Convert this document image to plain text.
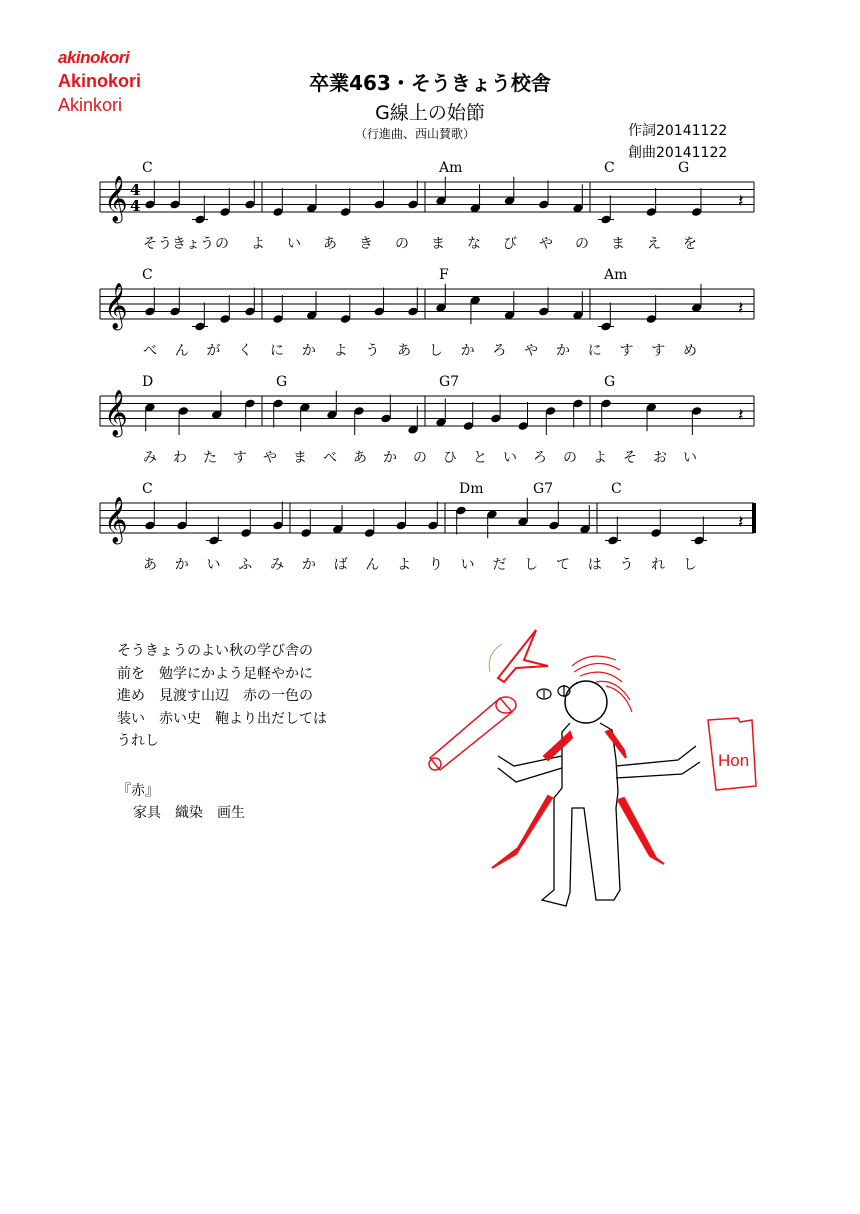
akinokori
Akinokori
Akinkori
卒業463・そうきょう校舎
G線上の始節
（行進曲、西山賛歌）	作詞20141122
創曲20141122
𝄞 4
4	𝄽
C	Am	C	G
そ うきょう の よ い あ き の ま な び や の ま え を
𝄞	𝄽
C	F	Am
べ ん が く に か よ う あ し か ろ や か に す す め
𝄞	𝄽
D	G	G7	G
み わ た す や ま べ あ か の ひ と い ろ の よ そ お い
𝄞	𝄽
C	Dm	G7	C
あ か い ふ み か ば ん よ り い だ し て は う れ し
そうきょうのよい秋の学び舎の
前を　勉学にかよう足軽やかに
進め　見渡す山辺　赤の一色の
装い　赤い史　鞄より出だしては
うれし
『赤』
家具　織染　画生
Hon
